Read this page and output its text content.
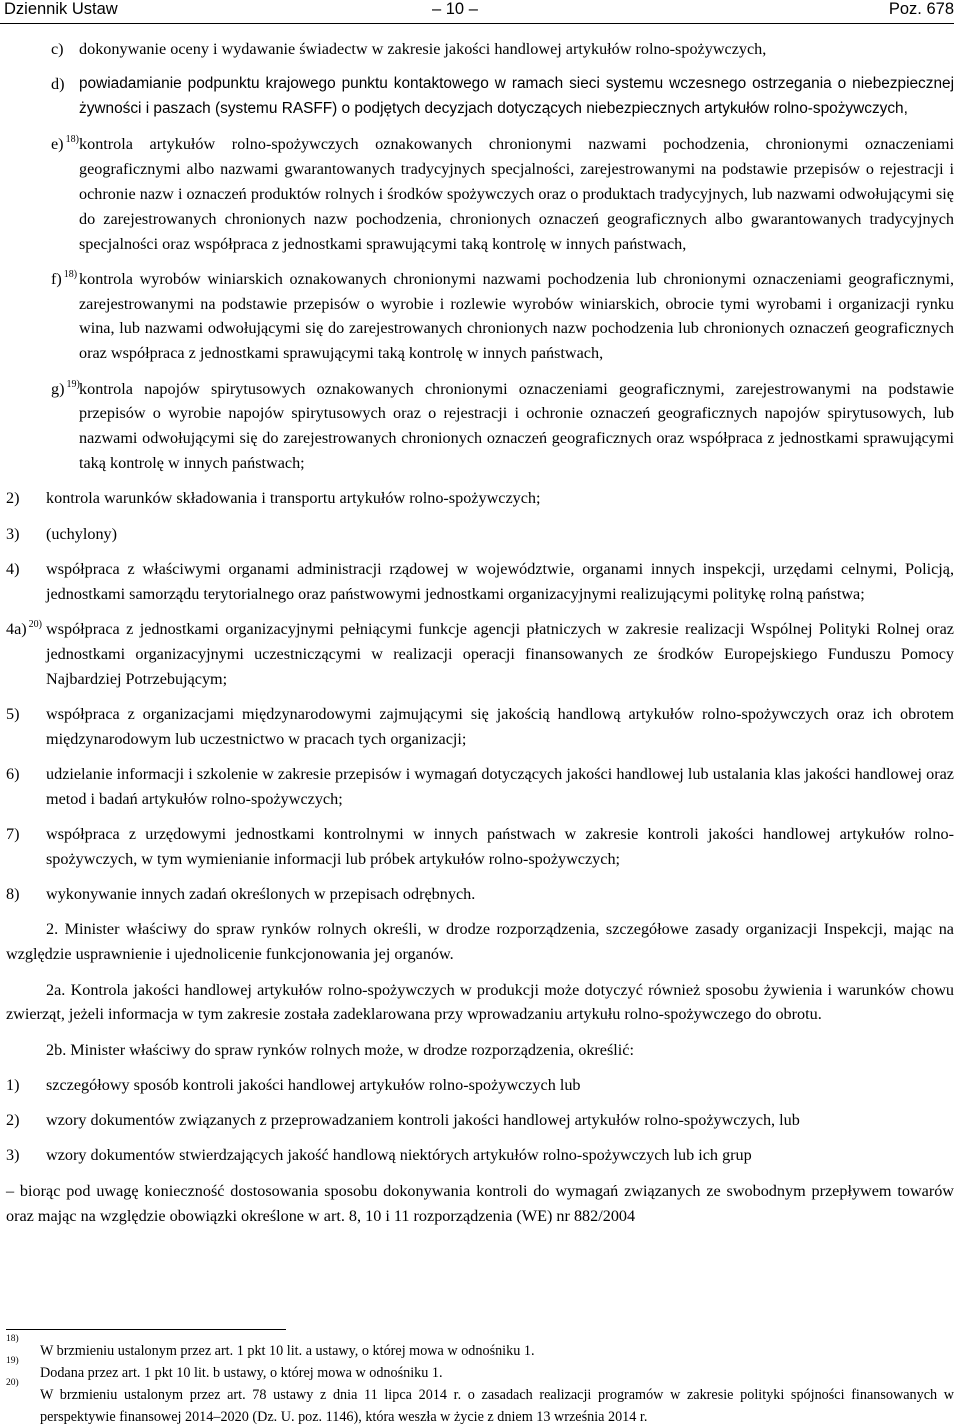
Dziennik Ustaw	– 10 –	Poz. 678
c) dokonywanie oceny i wydawanie świadectw w zakresie jakości handlowej artykułów rolno-spożywczych,
d) powiadamianie podpunktu krajowego punktu kontaktowego w ramach sieci systemu wczesnego ostrzegania o niebezpiecznej żywności i paszach (systemu RASFF) o podjętych decyzjach dotyczących niebezpiecznych artykułów rolno-spożywczych,
e) $^{18)}$ kontrola artykułów rolno-spożywczych oznakowanych chronionymi nazwami pochodzenia, chronionymi oznaczeniami geograficznymi albo nazwami gwarantowanych tradycyjnych specjalności, zarejestrowanymi na podstawie przepisów o rejestracji i ochronie nazw i oznaczeń produktów rolnych i środków spożywczych oraz o produktach tradycyjnych, lub nazwami odwołującymi się do zarejestrowanych chronionych nazw pochodzenia, chronionych oznaczeń geograficznych albo gwarantowanych tradycyjnych specjalności oraz współpraca z jednostkami sprawującymi taką kontrolę w innych państwach,
f) $^{18)}$ kontrola wyrobów winiarskich oznakowanych chronionymi nazwami pochodzenia lub chronionymi oznaczeniami geograficznymi, zarejestrowanymi na podstawie przepisów o wyrobie i rozlewie wyrobów winiarskich, obrocie tymi wyrobami i organizacji rynku wina, lub nazwami odwołującymi się do zarejestrowanych chronionych nazw pochodzenia lub chronionych oznaczeń geograficznych oraz współpraca z jednostkami sprawującymi taką kontrolę w innych państwach,
g) $^{19)}$ kontrola napojów spirytusowych oznakowanych chronionymi oznaczeniami geograficznymi, zarejestrowanymi na podstawie przepisów o wyrobie napojów spirytusowych oraz o rejestracji i ochronie oznaczeń geograficznych napojów spirytusowych, lub nazwami odwołującymi się do zarejestrowanych chronionych oznaczeń geograficznych oraz współpraca z jednostkami sprawującymi taką kontrolę w innych państwach;
2) kontrola warunków składowania i transportu artykułów rolno-spożywczych;
3) (uchylony)
4) współpraca z właściwymi organami administracji rządowej w województwie, organami innych inspekcji, urzędami celnymi, Policją, jednostkami samorządu terytorialnego oraz państwowymi jednostkami organizacyjnymi realizującymi politykę rolną państwa;
4a) $^{20)}$ współpraca z jednostkami organizacyjnymi pełniącymi funkcje agencji płatniczych w zakresie realizacji Wspólnej Polityki Rolnej oraz jednostkami organizacyjnymi uczestniczącymi w realizacji operacji finansowanych ze środków Europejskiego Funduszu Pomocy Najbardziej Potrzebującym;
5) współpraca z organizacjami międzynarodowymi zajmującymi się jakością handlową artykułów rolno-spożywczych oraz ich obrotem międzynarodowym lub uczestnictwo w pracach tych organizacji;
6) udzielanie informacji i szkolenie w zakresie przepisów i wymagań dotyczących jakości handlowej lub ustalania klas jakości handlowej oraz metod i badań artykułów rolno-spożywczych;
7) współpraca z urzędowymi jednostkami kontrolnymi w innych państwach w zakresie kontroli jakości handlowej artykułów rolno-spożywczych, w tym wymienianie informacji lub próbek artykułów rolno-spożywczych;
8) wykonywanie innych zadań określonych w przepisach odrębnych.
2. Minister właściwy do spraw rynków rolnych określi, w drodze rozporządzenia, szczegółowe zasady organizacji Inspekcji, mając na względzie usprawnienie i ujednolicenie funkcjonowania jej organów.
2a. Kontrola jakości handlowej artykułów rolno-spożywczych w produkcji może dotyczyć również sposobu żywienia i warunków chowu zwierząt, jeżeli informacja w tym zakresie została zadeklarowana przy wprowadzaniu artykułu rolno-spożywczego do obrotu.
2b. Minister właściwy do spraw rynków rolnych może, w drodze rozporządzenia, określić:
1) szczegółowy sposób kontroli jakości handlowej artykułów rolno-spożywczych lub
2) wzory dokumentów związanych z przeprowadzaniem kontroli jakości handlowej artykułów rolno-spożywczych, lub
3) wzory dokumentów stwierdzających jakość handlową niektórych artykułów rolno-spożywczych lub ich grup
– biorąc pod uwagę konieczność dostosowania sposobu dokonywania kontroli do wymagań związanych ze swobodnym przepływem towarów oraz mając na względzie obowiązki określone w art. 8, 10 i 11 rozporządzenia (WE) nr 882/2004
18)
W brzmieniu ustalonym przez art. 1 pkt 10 lit. a ustawy, o której mowa w odnośniku 1.
19)
Dodana przez art. 1 pkt 10 lit. b ustawy, o której mowa w odnośniku 1.
20)
W brzmieniu ustalonym przez art. 78 ustawy z dnia 11 lipca 2014 r. o zasadach realizacji programów w zakresie polityki spójności finansowanych w perspektywie finansowej 2014–2020 (Dz. U. poz. 1146), która weszła w życie z dniem 13 września 2014 r.
